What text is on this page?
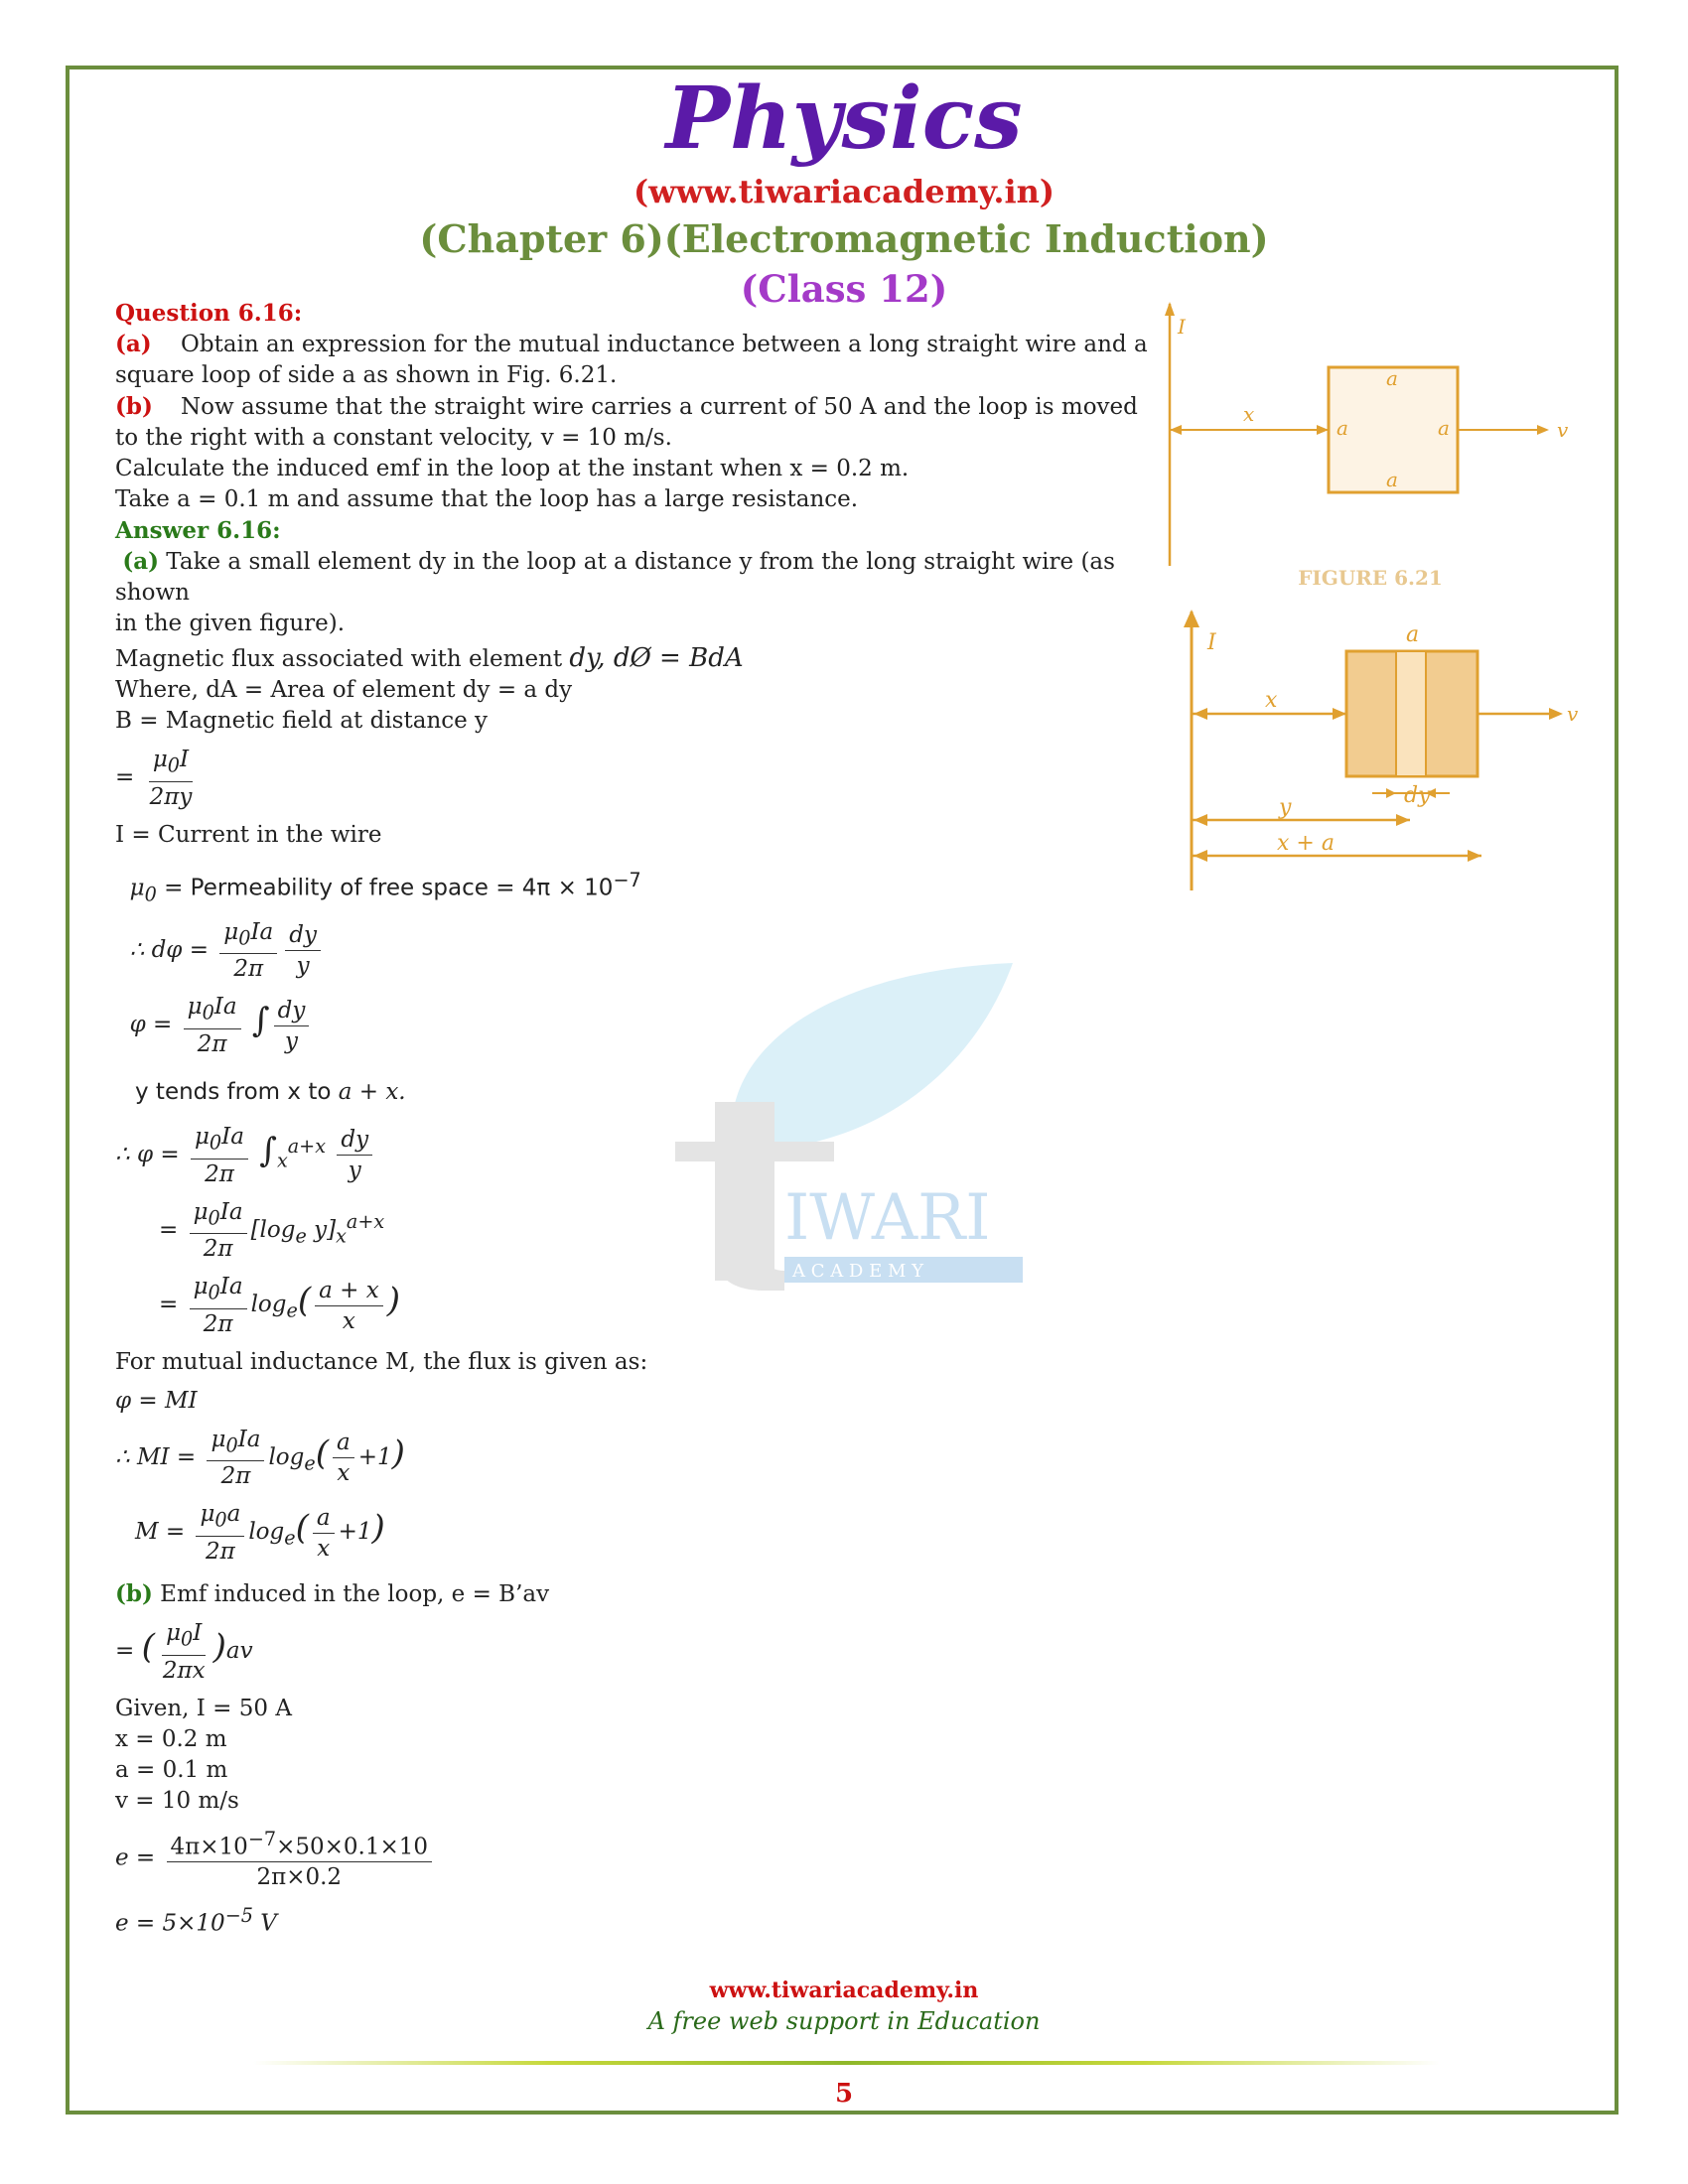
Physics
(www.tiwariacademy.in)
(Chapter 6)(Electromagnetic Induction)
(Class 12)
IWARI
A C A D E M Y

Question 6.16:

(a) Obtain an expression for the mutual inductance between a long straight wire and a

square loop of side a as shown in Fig. 6.21.

(b) Now assume that the straight wire carries a current of 50 A and the loop is moved

to the right with a constant velocity, v = 10 m/s.

Calculate the induced emf in the loop at the instant when x = 0.2 m.

Take a = 0.1 m and assume that the loop has a large resistance.

Answer 6.16:

(a) Take a small element dy in the loop at a distance y from the long straight wire (as shown

in the given figure).

Magnetic flux associated with element dy, dØ = BdA

Where, dA = Area of element dy = a dy

B = Magnetic field at distance y

= $\frac{\mu_0I}{2\pi y}$

I = Current in the wire

$\mu_0$ = Permeability of free space = $4\pi \times 10^{-7}$
∴ $d\varphi = \frac{\mu_0Ia}{2\pi} \frac{dy}{y}$
$\varphi = \frac{\mu_0Ia}{2\pi}$ ∫ $\frac{dy}{y}$

y tends from x to a + x.

∴ $\varphi = \frac{\mu_0Ia}{2\pi} \int_x^{a+x} \frac{dy}{y}$
= $\frac{\mu_0Ia}{2\pi} [\log_e$ $y]_x^{a+x}$
= $\frac{\mu_0Ia}{2\pi} \log_e( \frac{a + x}{x}$ )

For mutual inductance M, the flux is given as:

φ = MI
∴ MI = $\frac{\mu_0Ia}{2\pi} \log_e( \frac{a}{x} +1)$
$M = \frac{\mu_0a}{2\pi} \log_e( \frac{a}{x} +1)$

(b) Emf induced in the loop, e = B’av

= ( $\frac{\mu_0I}{2\pi x} )av$

Given, I = 50 A

x = 0.2 m

a = 0.1 m

v = 10 m/s

$e = \frac{4\pi\times 10^{-7}\times 50\times 0.1\times 10}{2\pi\times 0.2}$
$e = 5\times 10^{-5}$ V
I
x
a
a	a
a
v
FIGURE 6.21
I	a
x
v
dy
y
x + a
www.tiwariacademy.in
A free web support in Education
5
